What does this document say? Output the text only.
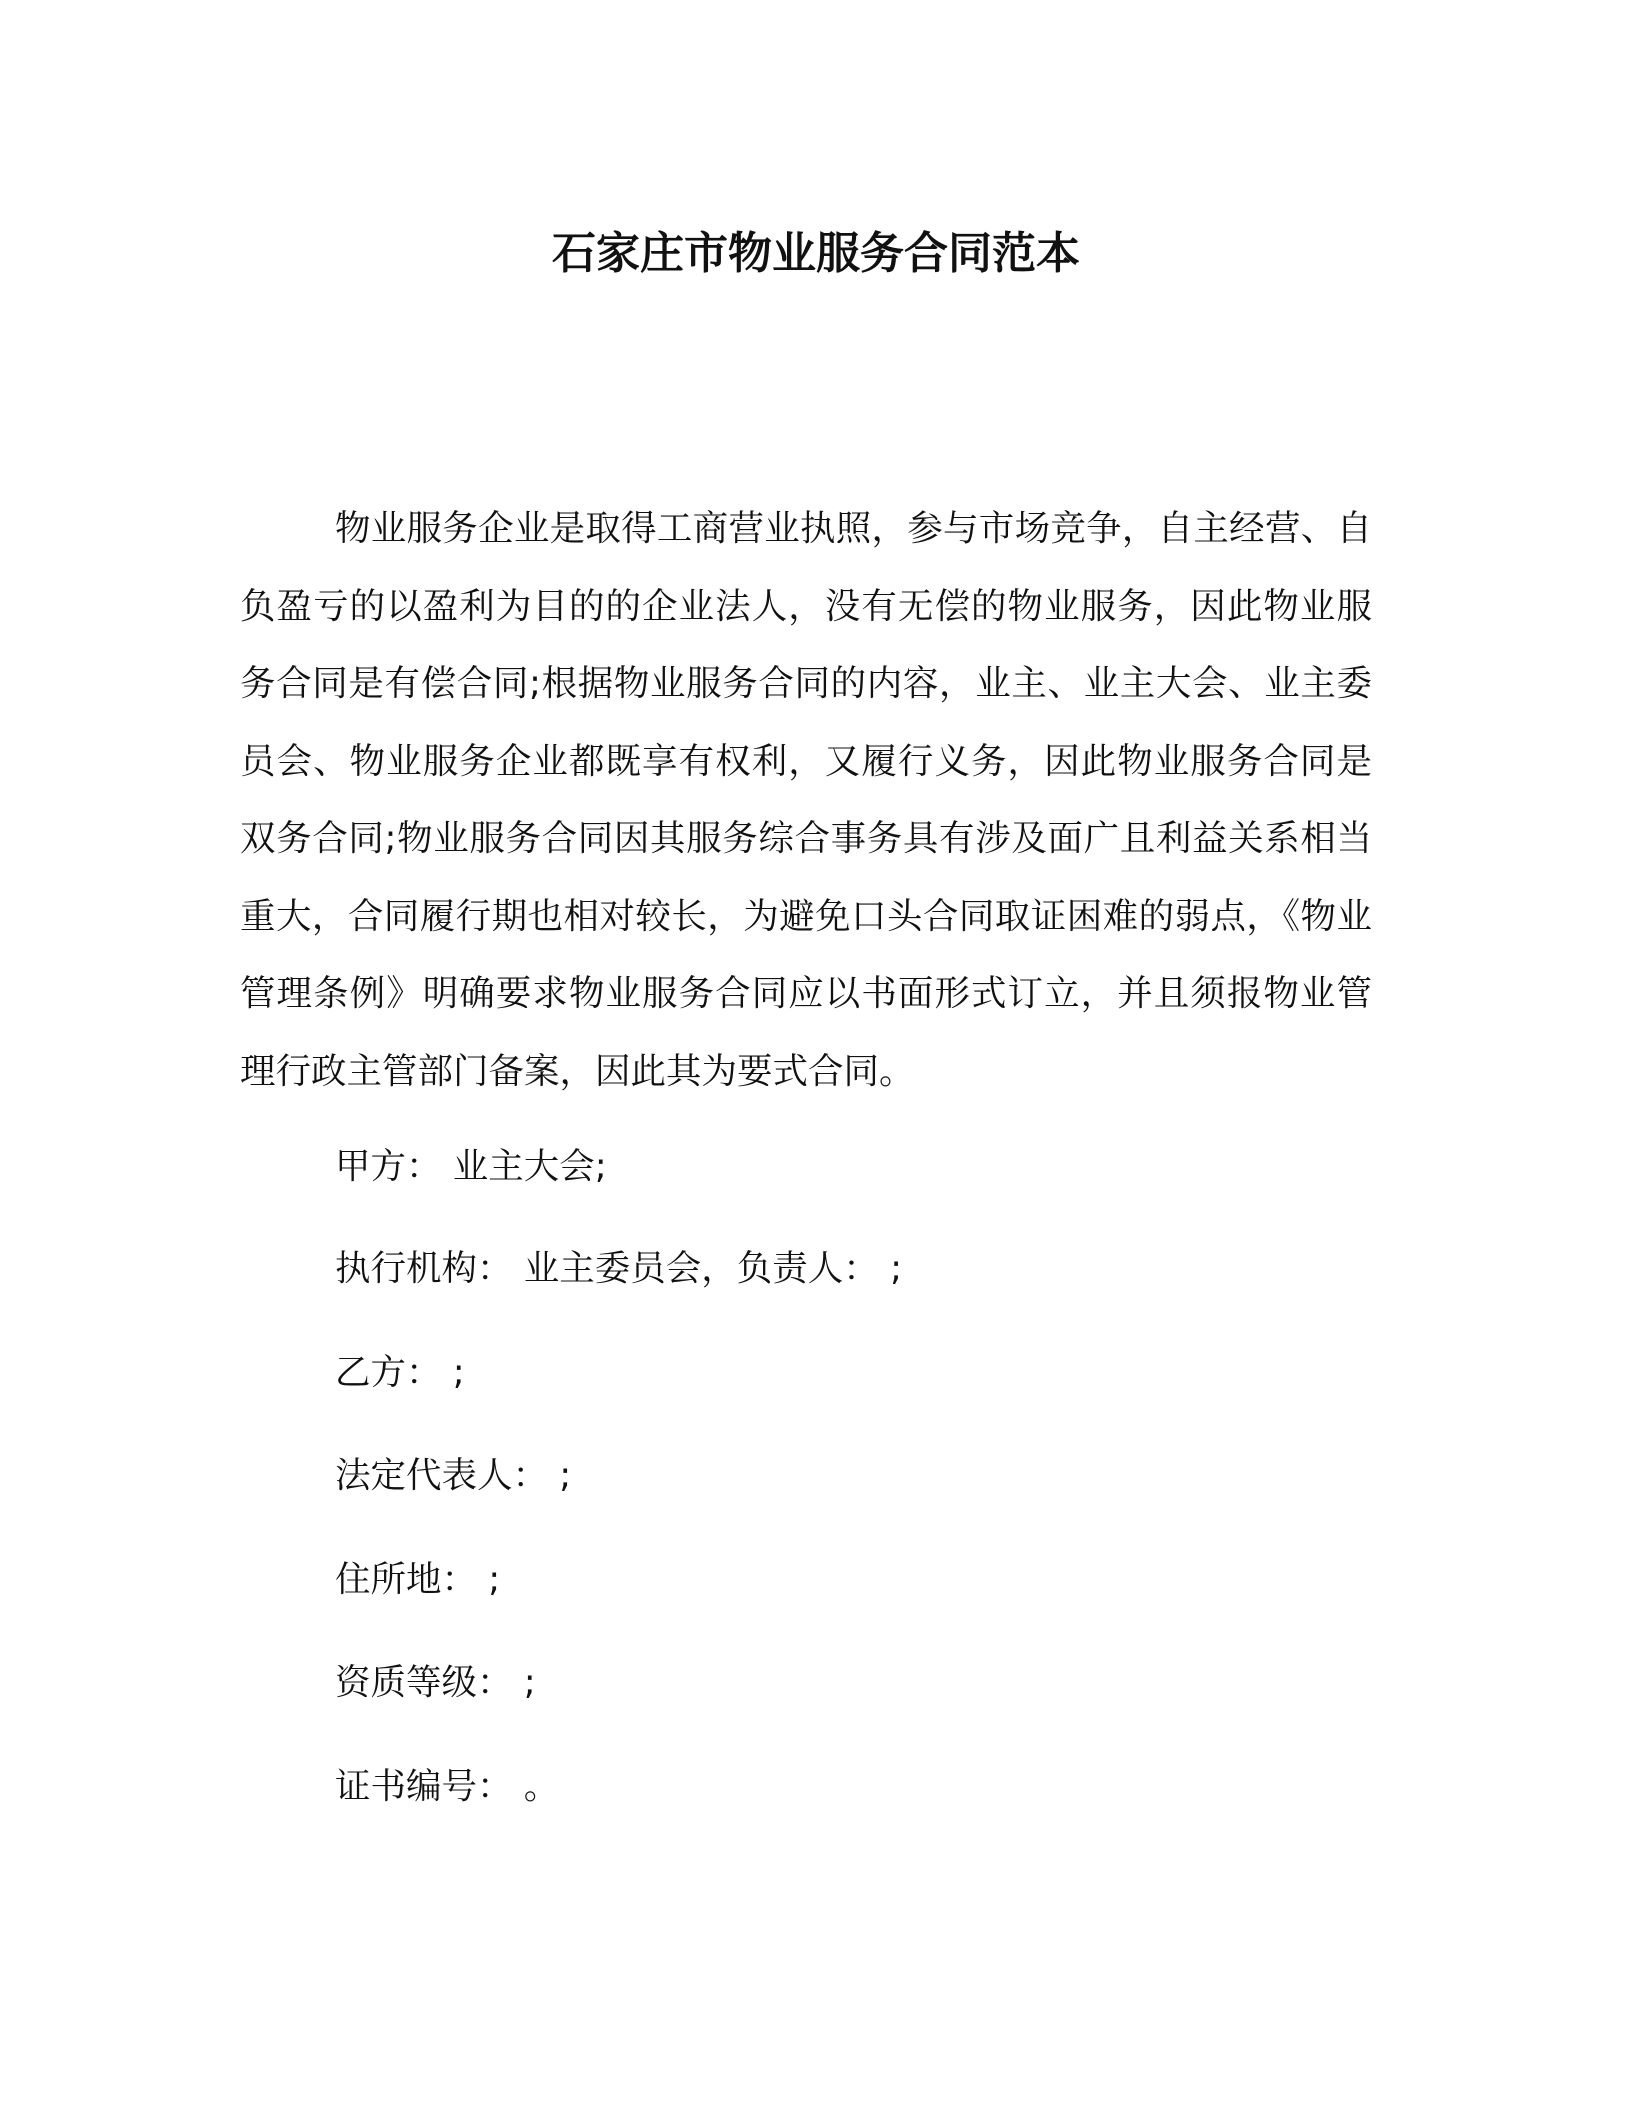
石家庄市物业服务合同范本

物业服务企业是取得工商营业执照，参与市场竞争，自主经营、自负盈亏的以盈利为目的的企业法人，没有无偿的物业服务，因此物业服务合同是有偿合同;根据物业服务合同的内容，业主、业主大会、业主委员会、物业服务企业都既享有权利，又履行义务，因此物业服务合同是双务合同;物业服务合同因其服务综合事务具有涉及面广且利益关系相当重大，合同履行期也相对较长，为避免口头合同取证困难的弱点，《物业管理条例》明确要求物业服务合同应以书面形式订立，并且须报物业管理行政主管部门备案，因此其为要式合同。

甲方： 业主大会;

执行机构： 业主委员会，负责人： ;

乙方： ;

法定代表人： ;

住所地： ;

资质等级： ;

证书编号： 。
